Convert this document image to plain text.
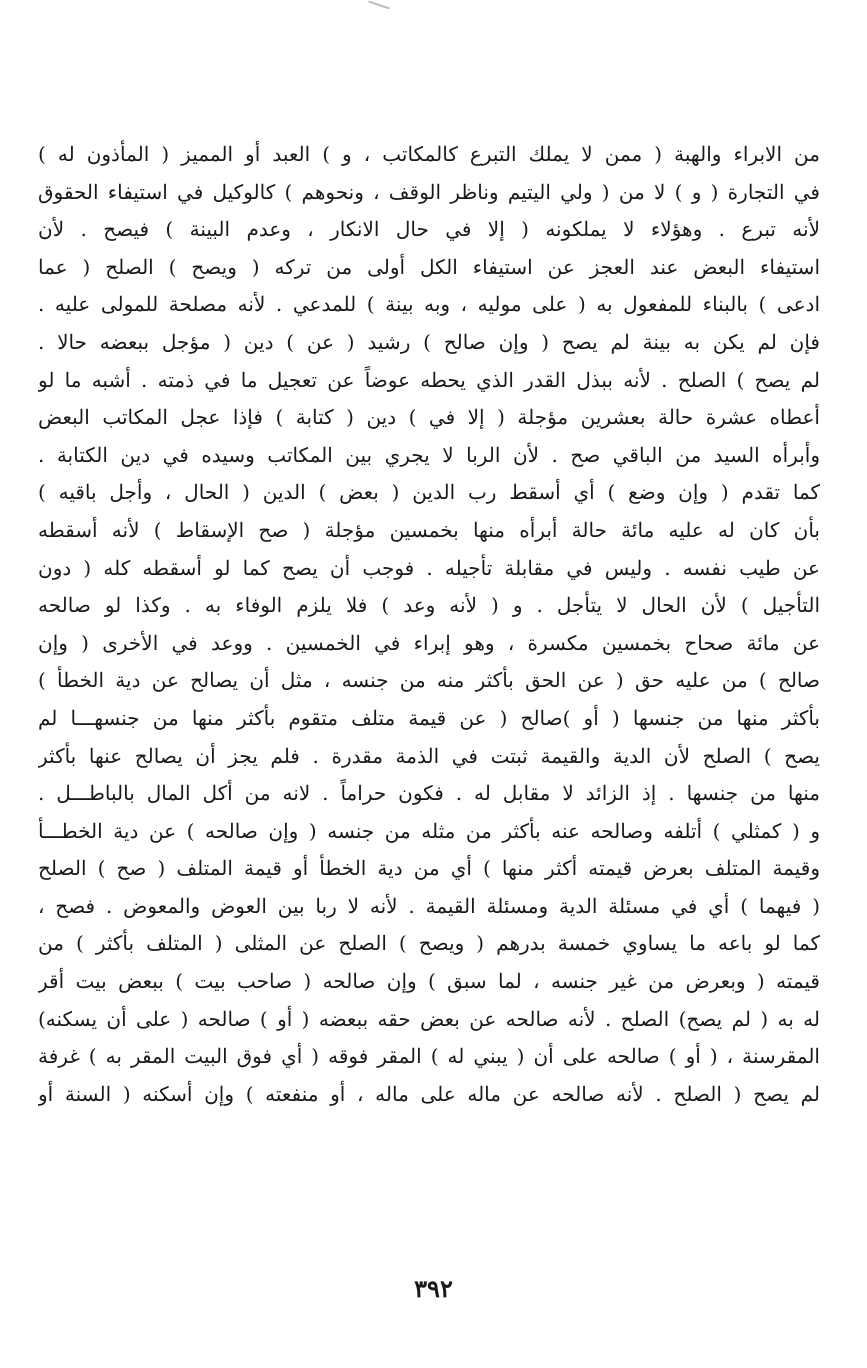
من الابراء والهبة ( ممن لا يملك التبرع كالمكاتب ، و ) العبد أو المميز ( المأذون له )
في التجارة ( و ) لا من ( ولي اليتيم وناظر الوقف ، ونحوهم ) كالوكيل في استيفاء الحقوق
لأنه تبرع . وهؤلاء لا يملكونه ( إلا في حال الانكار ، وعدم البينة ) فيصح . لأن
استيفاء البعض عند العجز عن استيفاء الكل أولى من تركه ( ويصح ) الصلح ( عما
ادعى ) بالبناء للمفعول به ( على موليه ، وبه بينة ) للمدعي . لأنه مصلحة للمولى عليه .
فإن لم يكن به بينة لم يصح ( وإن صالح ) رشيد ( عن ) دين ( مؤجل ببعضه حالا .
لم يصح ) الصلح . لأنه ببذل القدر الذي يحطه عوضاً عن تعجيل ما في ذمته . أشبه ما لو
أعطاه عشرة حالة بعشرين مؤجلة ( إلا في ) دين ( كتابة ) فإذا عجل المكاتب البعض
وأبرأه السيد من الباقي صح . لأن الربا لا يجري بين المكاتب وسيده في دين الكتابة .
كما تقدم ( وإن وضع ) أي أسقط رب الدين ( بعض ) الدين ( الحال ، وأجل باقيه )
بأن كان له عليه مائة حالة أبرأه منها بخمسين مؤجلة ( صح الإسقاط ) لأنه أسقطه
عن طيب نفسه . وليس في مقابلة تأجيله . فوجب أن يصح كما لو أسقطه كله ( دون
التأجيل ) لأن الحال لا يتأجل . و ( لأنه وعد ) فلا يلزم الوفاء به . وكذا لو صالحه
عن مائة صحاح بخمسين مكسرة ، وهو إبراء في الخمسين . ووعد في الأخرى ( وإن
صالح ) من عليه حق ( عن الحق بأكثر منه من جنسه ، مثل أن يصالح عن دية الخطأ )
بأكثر منها من جنسها ( أو )صالح ( عن قيمة متلف متقوم بأكثر منها من جنسهـــا لم
يصح ) الصلح لأن الدية والقيمة ثبتت في الذمة مقدرة . فلم يجز أن يصالح عنها بأكثر
منها من جنسها . إذ الزائد لا مقابل له . فكون حراماً . لانه من أكل المال بالباطـــل .
و ( كمثلي ) أتلفه وصالحه عنه بأكثر من مثله من جنسه ( وإن صالحه ) عن دية الخطـــأ
وقيمة المتلف بعرض قيمته أكثر منها ) أي من دية الخطأ أو قيمة المتلف ( صح ) الصلح
( فيهما ) أي في مسئلة الدية ومسئلة القيمة . لأنه لا ربا بين العوض والمعوض . فصح ،
كما لو باعه ما يساوي خمسة بدرهم ( ويصح ) الصلح عن المثلى ( المتلف بأكثر ) من
قيمته ( وبعرض من غير جنسه ، لما سبق ) وإن صالحه ( صاحب بيت ) ببعض بيت أقر
له به ( لم يصح) الصلح . لأنه صالحه عن بعض حقه ببعضه ( أو ) صالحه ( على أن يسكنه)
المقرسنة ، ( أو ) صالحه على أن ( يبني له ) المقر فوقه ( أي فوق البيت المقر به ) غرفة
لم يصح ( الصلح . لأنه صالحه عن ماله على ماله ، أو منفعته ) وإن أسكنه ( السنة أو
٣٩٢
